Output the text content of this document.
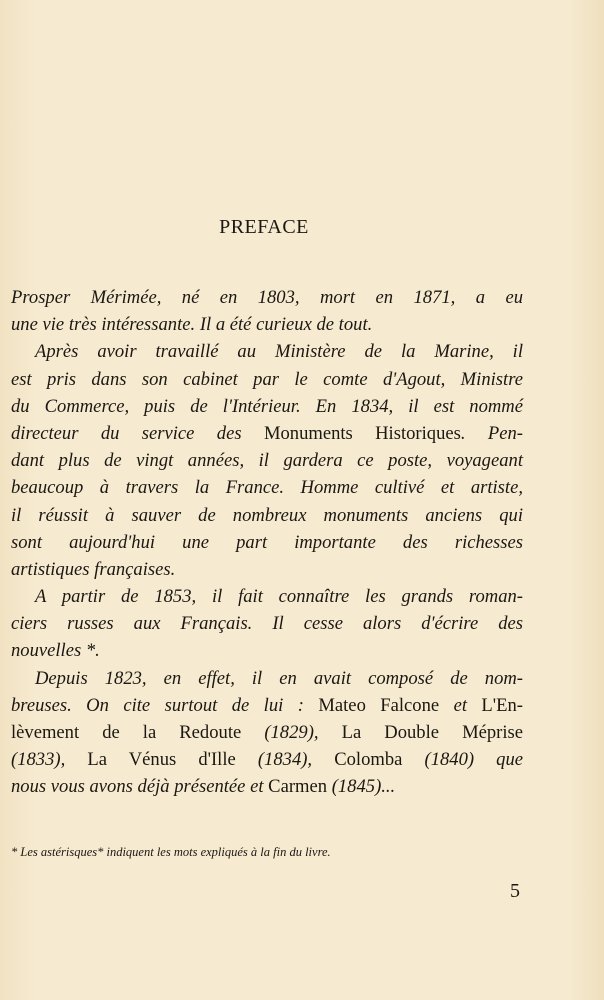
PREFACE
Prosper Mérimée, né en 1803, mort en 1871, a eu
une vie très intéressante. Il a été curieux de tout.
Après avoir travaillé au Ministère de la Marine, il
est pris dans son cabinet par le comte d'Agout, Ministre
du Commerce, puis de l'Intérieur. En 1834, il est nommé
directeur du service des Monuments Historiques. Pen-
dant plus de vingt années, il gardera ce poste, voyageant
beaucoup à travers la France. Homme cultivé et artiste,
il réussit à sauver de nombreux monuments anciens qui
sont aujourd'hui une part importante des richesses
artistiques françaises.
A partir de 1853, il fait connaître les grands roman-
ciers russes aux Français. Il cesse alors d'écrire des
nouvelles *.
Depuis 1823, en effet, il en avait composé de nom-
breuses. On cite surtout de lui : Mateo Falcone et L'En-
lèvement de la Redoute (1829), La Double Méprise
(1833), La Vénus d'Ille (1834), Colomba (1840) que
nous vous avons déjà présentée et Carmen (1845)...
* Les astérisques* indiquent les mots expliqués à la fin du livre.
5
